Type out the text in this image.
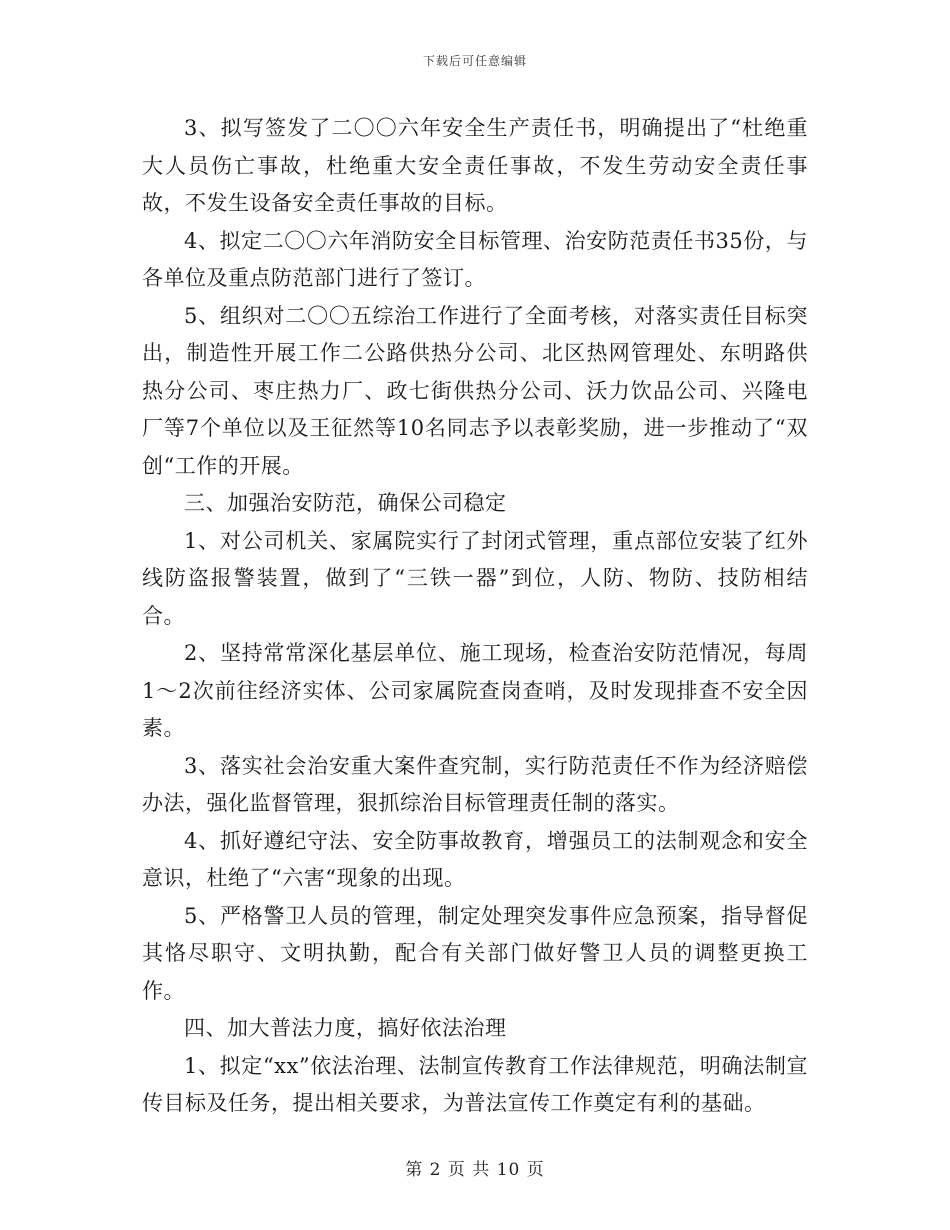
下载后可任意编辑

3、拟写签发了二〇〇六年安全生产责任书，明确提出了“杜绝重大人员伤亡事故，杜绝重大安全责任事故，不发生劳动安全责任事故，不发生设备安全责任事故的目标。

4、拟定二〇〇六年消防安全目标管理、治安防范责任书35份，与各单位及重点防范部门进行了签订。

5、组织对二〇〇五综治工作进行了全面考核，对落实责任目标突出，制造性开展工作二公路供热分公司、北区热网管理处、东明路供热分公司、枣庄热力厂、政七街供热分公司、沃力饮品公司、兴隆电厂等7个单位以及王征然等10名同志予以表彰奖励，进一步推动了“双创“工作的开展。

三、加强治安防范，确保公司稳定

1、对公司机关、家属院实行了封闭式管理，重点部位安装了红外线防盗报警装置，做到了“三铁一器”到位，人防、物防、技防相结合。

2、坚持常常深化基层单位、施工现场，检查治安防范情况，每周1～2次前往经济实体、公司家属院查岗查哨，及时发现排查不安全因素。

3、落实社会治安重大案件查究制，实行防范责任不作为经济赔偿办法，强化监督管理，狠抓综治目标管理责任制的落实。

4、抓好遵纪守法、安全防事故教育，增强员工的法制观念和安全意识，杜绝了“六害“现象的出现。

5、严格警卫人员的管理，制定处理突发事件应急预案，指导督促其恪尽职守、文明执勤，配合有关部门做好警卫人员的调整更换工作。

四、加大普法力度，搞好依法治理

1、拟定“xx”依法治理、法制宣传教育工作法律规范，明确法制宣传目标及任务，提出相关要求，为普法宣传工作奠定有利的基础。

第 2 页 共 10 页
